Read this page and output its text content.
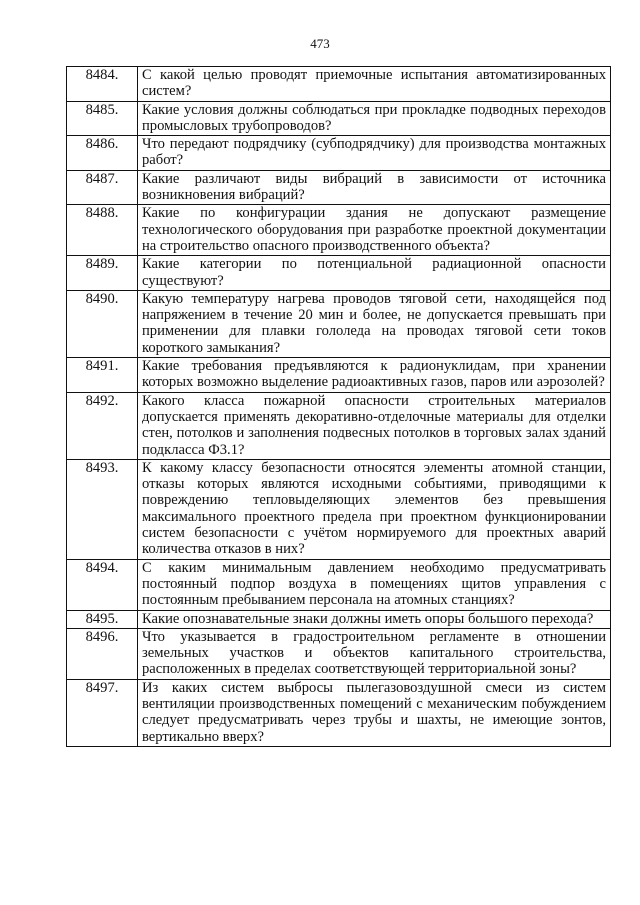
473
8484.	С какой целью проводят приемочные испытания автоматизированных систем?
8485.	Какие условия должны соблюдаться при прокладке подводных переходов промысловых трубопроводов?
8486.	Что передают подрядчику (субподрядчику) для производства монтажных работ?
8487.	Какие различают виды вибраций в зависимости от источника возникновения вибраций?
8488.	Какие по конфигурации здания не допускают размещение технологического оборудования при разработке проектной документации на строительство опасного производственного объекта?
8489.	Какие категории по потенциальной радиационной опасности существуют?
8490.	Какую температуру нагрева проводов тяговой сети, находящейся под напряжением в течение 20 мин и более, не допускается превышать при применении для плавки гололеда на проводах тяговой сети токов короткого замыкания?
8491.	Какие требования предъявляются к радионуклидам, при хранении которых возможно выделение радиоактивных газов, паров или аэрозолей?
8492.	Какого класса пожарной опасности строительных материалов допускается применять декоративно-отделочные материалы для отделки стен, потолков и заполнения подвесных потолков в торговых залах зданий подкласса Ф3.1?
8493.	К какому классу безопасности относятся элементы атомной станции, отказы которых являются исходными событиями, приводящими к повреждению тепловыделяющих элементов без превышения максимального проектного предела при проектном функционировании систем безопасности с учётом нормируемого для проектных аварий количества отказов в них?
8494.	С каким минимальным давлением необходимо предусматривать постоянный подпор воздуха в помещениях щитов управления с постоянным пребыванием персонала на атомных станциях?
8495.	Какие опознавательные знаки должны иметь опоры большого перехода?
8496.	Что указывается в градостроительном регламенте в отношении земельных участков и объектов капитального строительства, расположенных в пределах соответствующей территориальной зоны?
8497.	Из каких систем выбросы пылегазовоздушной смеси из систем вентиляции производственных помещений с механическим побуждением следует предусматривать через трубы и шахты, не имеющие зонтов, вертикально вверх?
